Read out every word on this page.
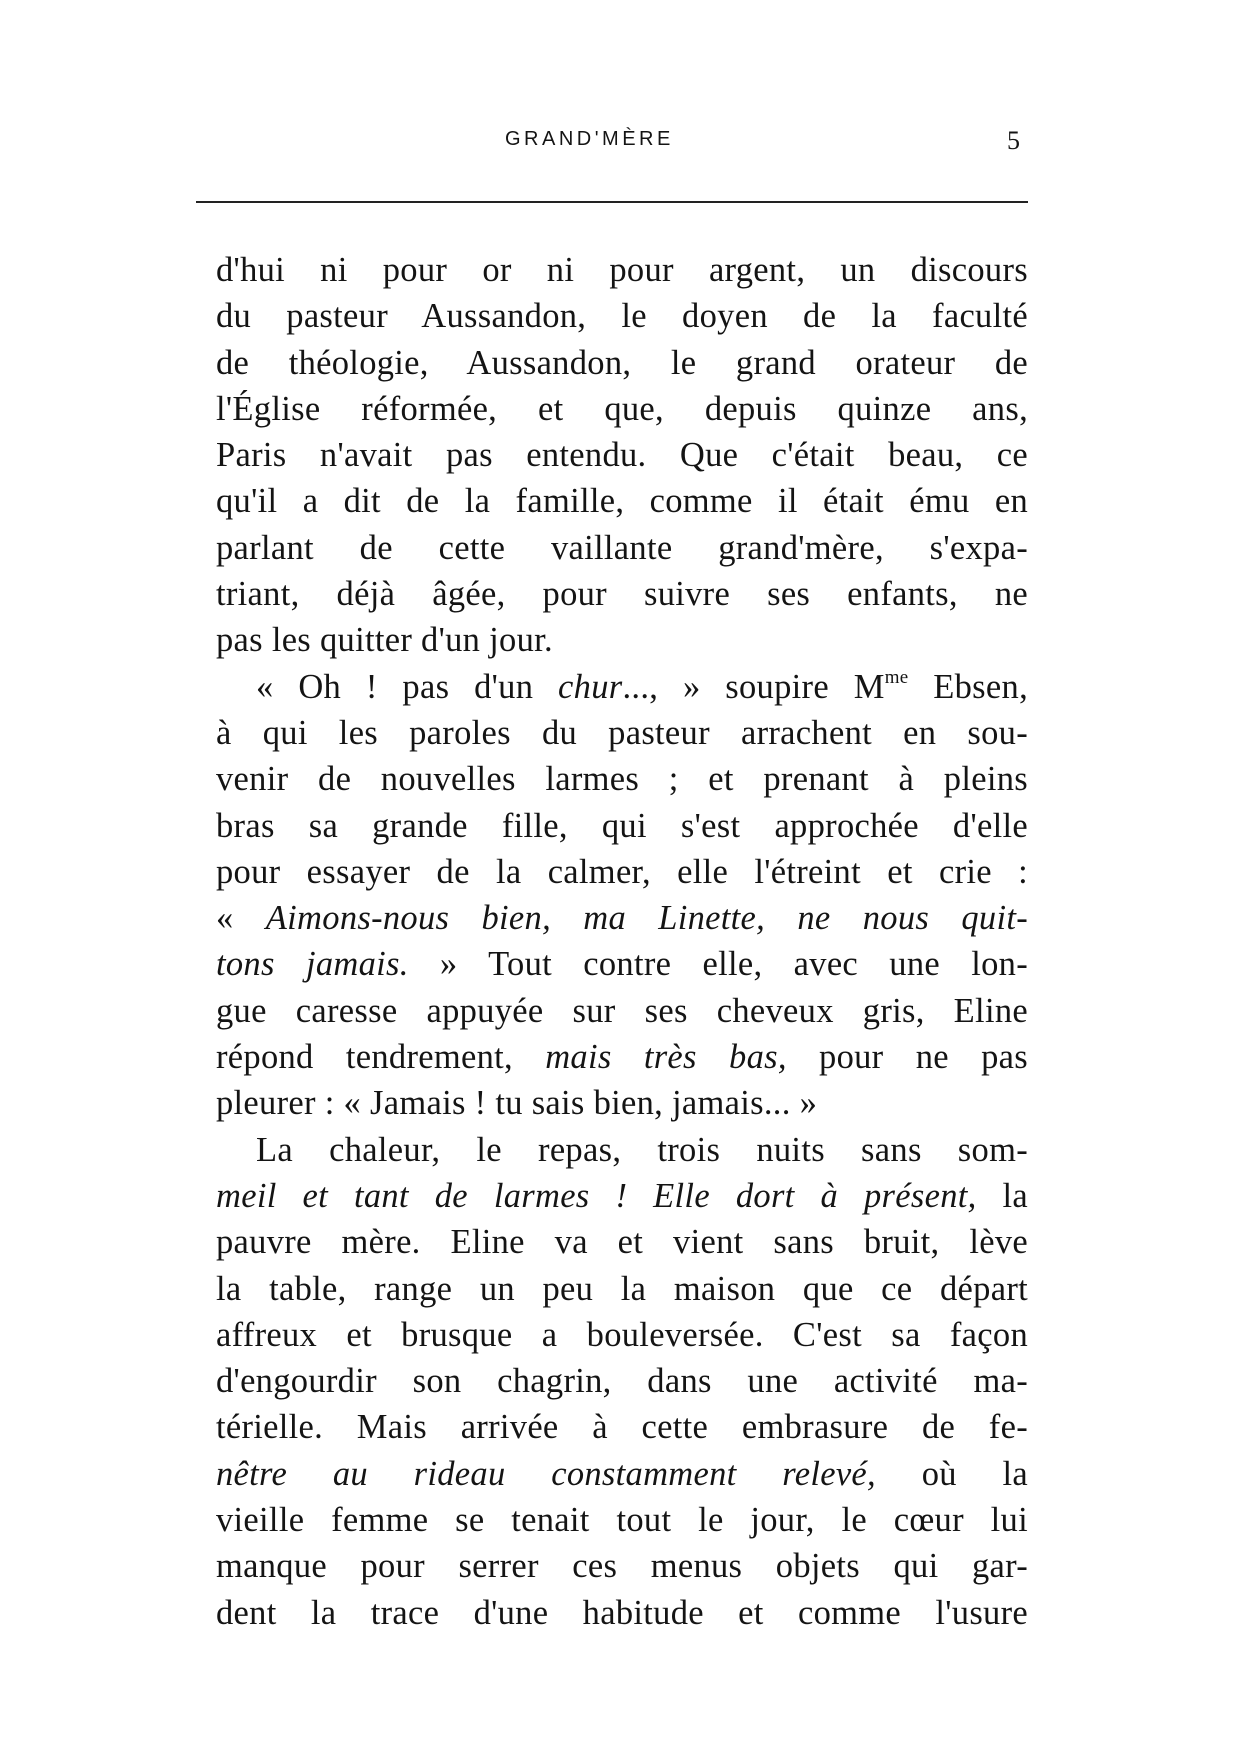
GRAND'MÈRE	5
d'hui ni pour or ni pour argent, un discours
du pasteur Aussandon, le doyen de la faculté
de théologie, Aussandon, le grand orateur de
l'Église réformée, et que, depuis quinze ans,
Paris n'avait pas entendu. Que c'était beau, ce
qu'il a dit de la famille, comme il était ému en
parlant de cette vaillante grand'mère, s'expa-
triant, déjà âgée, pour suivre ses enfants, ne
pas les quitter d'un jour.
« Oh ! pas d'un chur..., » soupire $M^{me}$ Ebsen,
à qui les paroles du pasteur arrachent en sou-
venir de nouvelles larmes ; et prenant à pleins
bras sa grande fille, qui s'est approchée d'elle
pour essayer de la calmer, elle l'étreint et crie :
« Aimons-nous bien, ma Linette, ne nous quit-
tons jamais. » Tout contre elle, avec une lon-
gue caresse appuyée sur ses cheveux gris, Eline
répond tendrement, mais très bas, pour ne pas
pleurer : « Jamais ! tu sais bien, jamais... »
La chaleur, le repas, trois nuits sans som-
meil et tant de larmes ! Elle dort à présent, la
pauvre mère. Eline va et vient sans bruit, lève
la table, range un peu la maison que ce départ
affreux et brusque a bouleversée. C'est sa façon
d'engourdir son chagrin, dans une activité ma-
térielle. Mais arrivée à cette embrasure de fe-
nêtre au rideau constamment relevé, où la
vieille femme se tenait tout le jour, le cœur lui
manque pour serrer ces menus objets qui gar-
dent la trace d'une habitude et comme l'usure
